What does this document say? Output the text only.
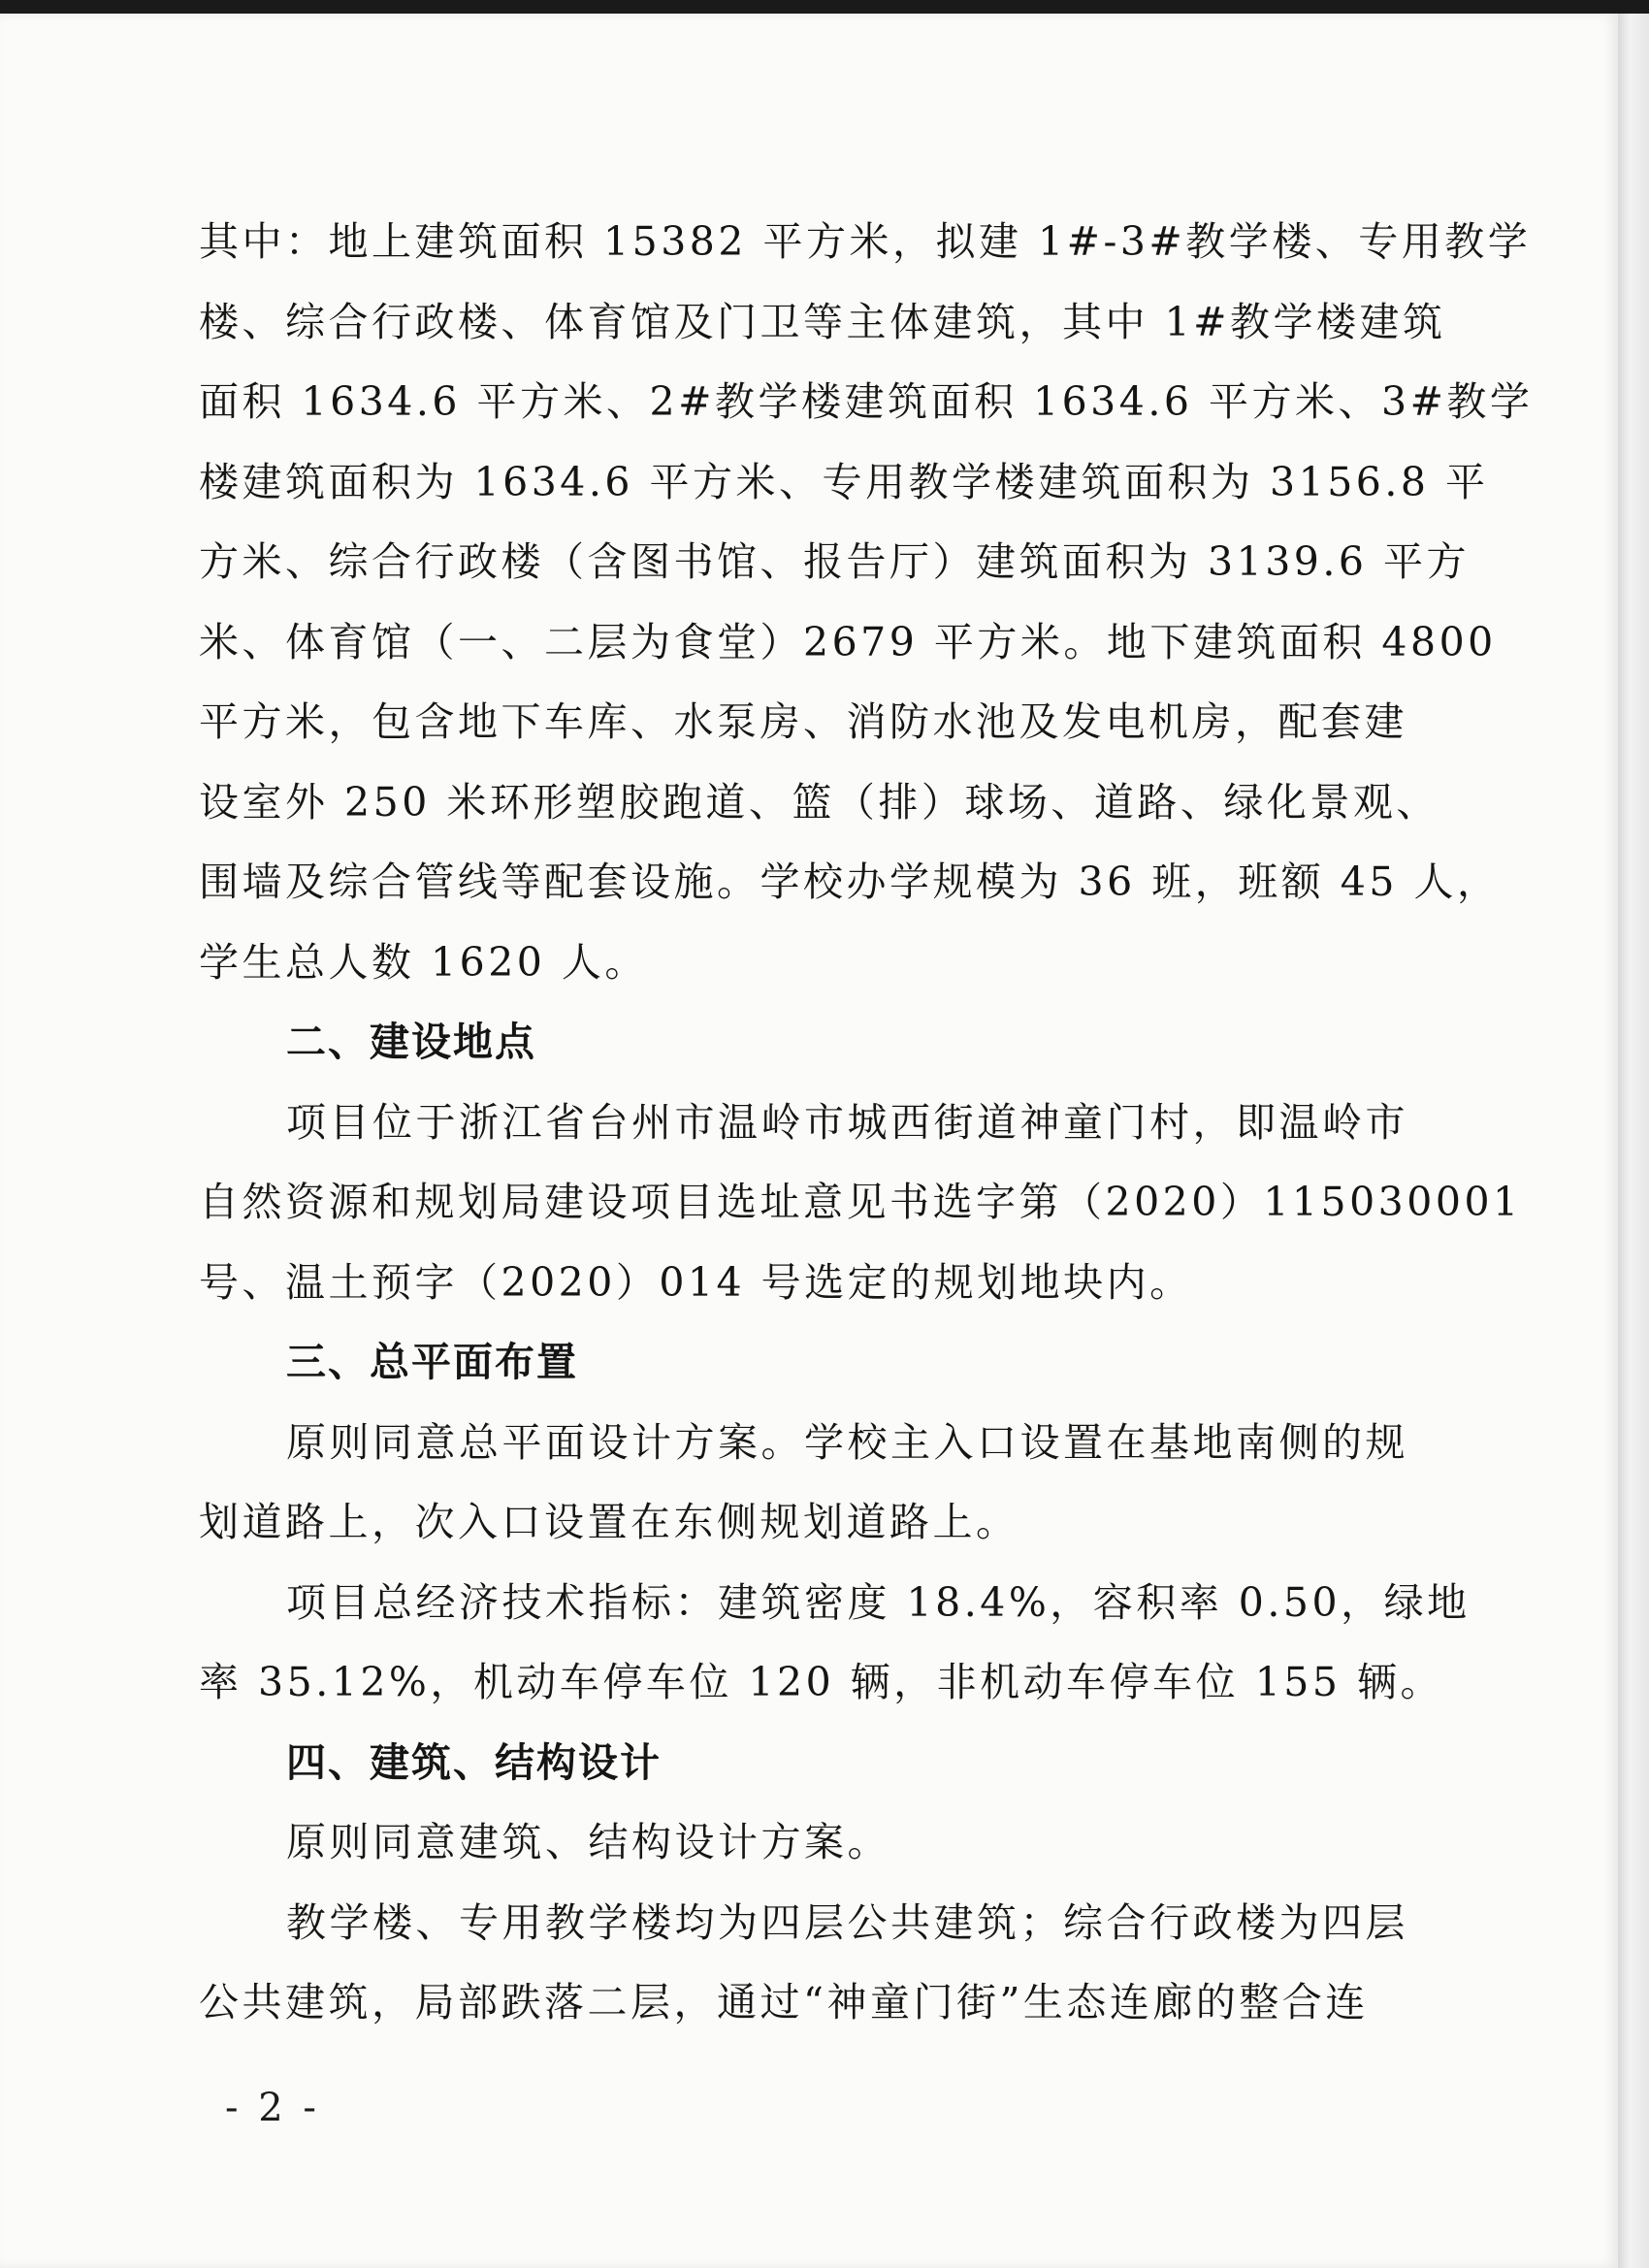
其中：地上建筑面积 15382 平方米，拟建 1#-3#教学楼、专用教学
楼、综合行政楼、体育馆及门卫等主体建筑，其中 1#教学楼建筑
面积 1634.6 平方米、2#教学楼建筑面积 1634.6 平方米、3#教学
楼建筑面积为 1634.6 平方米、专用教学楼建筑面积为 3156.8 平
方米、综合行政楼（含图书馆、报告厅）建筑面积为 3139.6 平方
米、体育馆（一、二层为食堂）2679 平方米。地下建筑面积 4800
平方米，包含地下车库、水泵房、消防水池及发电机房，配套建
设室外 250 米环形塑胶跑道、篮（排）球场、道路、绿化景观、
围墙及综合管线等配套设施。学校办学规模为 36 班，班额 45 人，
学生总人数 1620 人。
二、建设地点
项目位于浙江省台州市温岭市城西街道神童门村，即温岭市
自然资源和规划局建设项目选址意见书选字第（2020）115030001
号、温土预字（2020）014 号选定的规划地块内。
三、总平面布置
原则同意总平面设计方案。学校主入口设置在基地南侧的规
划道路上，次入口设置在东侧规划道路上。
项目总经济技术指标：建筑密度 18.4%，容积率 0.50，绿地
率 35.12%，机动车停车位 120 辆，非机动车停车位 155 辆。
四、建筑、结构设计
原则同意建筑、结构设计方案。
教学楼、专用教学楼均为四层公共建筑；综合行政楼为四层
公共建筑，局部跌落二层，通过“神童门街”生态连廊的整合连
- 2 -
